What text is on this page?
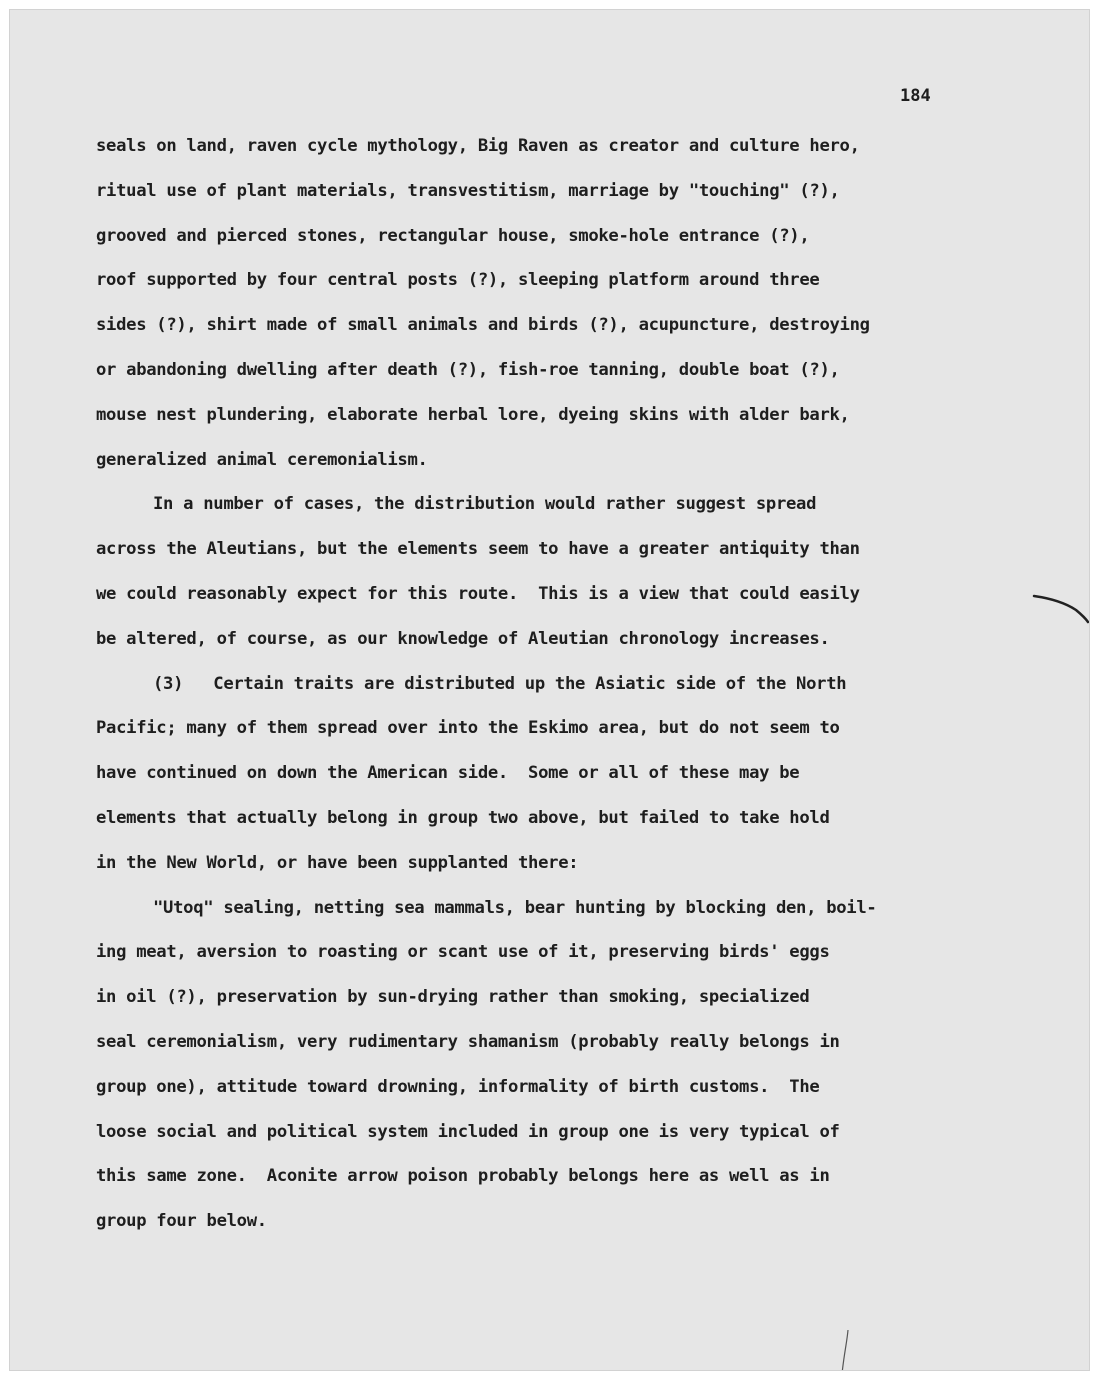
184

seals on land, raven cycle mythology, Big Raven as creator and culture hero,
ritual use of plant materials, transvestitism, marriage by "touching" (?),
grooved and pierced stones, rectangular house, smoke-hole entrance (?),
roof supported by four central posts (?), sleeping platform around three
sides (?), shirt made of small animals and birds (?), acupuncture, destroying
or abandoning dwelling after death (?), fish-roe tanning, double boat (?),
mouse nest plundering, elaborate herbal lore, dyeing skins with alder bark,
generalized animal ceremonialism.
In a number of cases, the distribution would rather suggest spread
across the Aleutians, but the elements seem to have a greater antiquity than
we could reasonably expect for this route.  This is a view that could easily
be altered, of course, as our knowledge of Aleutian chronology increases.
(3)   Certain traits are distributed up the Asiatic side of the North
Pacific; many of them spread over into the Eskimo area, but do not seem to
have continued on down the American side.  Some or all of these may be
elements that actually belong in group two above, but failed to take hold
in the New World, or have been supplanted there:
"Utoq" sealing, netting sea mammals, bear hunting by blocking den, boil-
ing meat, aversion to roasting or scant use of it, preserving birds' eggs
in oil (?), preservation by sun-drying rather than smoking, specialized
seal ceremonialism, very rudimentary shamanism (probably really belongs in
group one), attitude toward drowning, informality of birth customs.  The
loose social and political system included in group one is very typical of
this same zone.  Aconite arrow poison probably belongs here as well as in
group four below.
